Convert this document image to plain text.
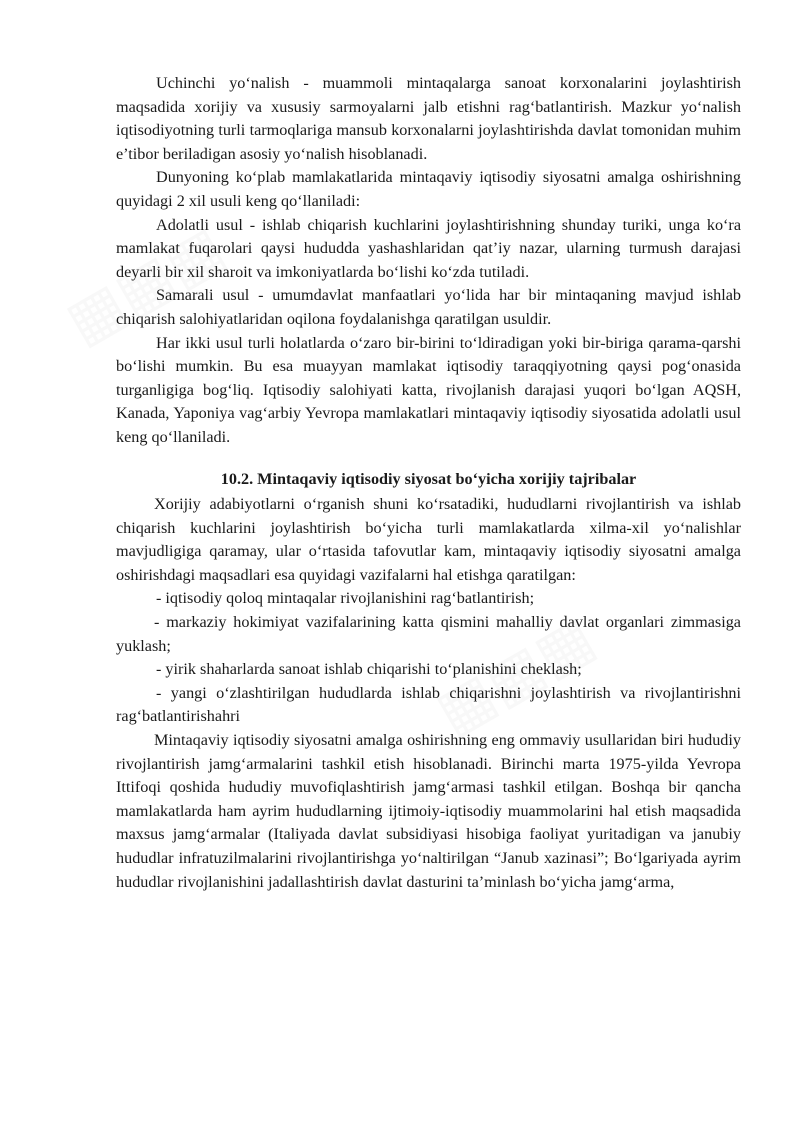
Uchinchi yo‘nalish - muammoli mintaqalarga sanoat korxonalarini joylashtirish maqsadida xorijiy va xususiy sarmoyalarni jalb etishni rag‘batlantirish. Mazkur yo‘nalish iqtisodiyotning turli tarmoqlariga mansub korxonalarni joylashtirishda davlat tomonidan muhim e’tibor beriladigan asosiy yo‘nalish hisoblanadi.

Dunyoning ko‘plab mamlakatlarida mintaqaviy iqtisodiy siyosatni amalga oshirishning quyidagi 2 xil usuli keng qo‘llaniladi:

Adolatli usul - ishlab chiqarish kuchlarini joylashtirishning shunday turiki, unga ko‘ra mamlakat fuqarolari qaysi hududda yashashlaridan qat’iy nazar, ularning turmush darajasi deyarli bir xil sharoit va imkoniyatlarda bo‘lishi ko‘zda tutiladi.

Samarali usul - umumdavlat manfaatlari yo‘lida har bir mintaqaning mavjud ishlab chiqarish salohiyatlaridan oqilona foydalanishga qaratilgan usuldir.

Har ikki usul turli holatlarda o‘zaro bir-birini to‘ldiradigan yoki bir-biriga qarama-qarshi bo‘lishi mumkin. Bu esa muayyan mamlakat iqtisodiy taraqqiyotning qaysi pog‘onasida turganligiga bog‘liq. Iqtisodiy salohiyati katta, rivojlanish darajasi yuqori bo‘lgan AQSH, Kanada, Yaponiya vag‘arbiy Yevropa mamlakatlari mintaqaviy iqtisodiy siyosatida adolatli usul keng qo‘llaniladi.

10.2. Mintaqaviy iqtisodiy siyosat bo‘yicha xorijiy tajribalar

Xorijiy adabiyotlarni o‘rganish shuni ko‘rsatadiki, hududlarni rivojlantirish va ishlab chiqarish kuchlarini joylashtirish bo‘yicha turli mamlakatlarda xilma-xil yo‘nalishlar mavjudligiga qaramay, ular o‘rtasida tafovutlar kam, mintaqaviy iqtisodiy siyosatni amalga oshirishdagi maqsadlari esa quyidagi vazifalarni hal etishga qaratilgan:

- iqtisodiy qoloq mintaqalar rivojlanishini rag‘batlantirish;

- markaziy hokimiyat vazifalarining katta qismini mahalliy davlat organlari zimmasiga yuklash;

- yirik shaharlarda sanoat ishlab chiqarishi to‘planishini cheklash;

- yangi o‘zlashtirilgan hududlarda ishlab chiqarishni joylashtirish va rivojlantirishni rag‘batlantirishahri

Mintaqaviy iqtisodiy siyosatni amalga oshirishning eng ommaviy usullaridan biri hududiy rivojlantirish jamg‘armalarini tashkil etish hisoblanadi. Birinchi marta 1975-yilda Yevropa Ittifoqi qoshida hududiy muvofiqlashtirish jamg‘armasi tashkil etilgan. Boshqa bir qancha mamlakatlarda ham ayrim hududlarning ijtimoiy-iqtisodiy muammolarini hal etish maqsadida maxsus jamg‘armalar (Italiyada davlat subsidiyasi hisobiga faoliyat yuritadigan va janubiy hududlar infratuzilmalarini rivojlantirishga yo‘naltirilgan “Janub xazinasi”; Bo‘lgariyada ayrim hududlar rivojlanishini jadallashtirish davlat dasturini ta’minlash bo‘yicha jamg‘arma,
